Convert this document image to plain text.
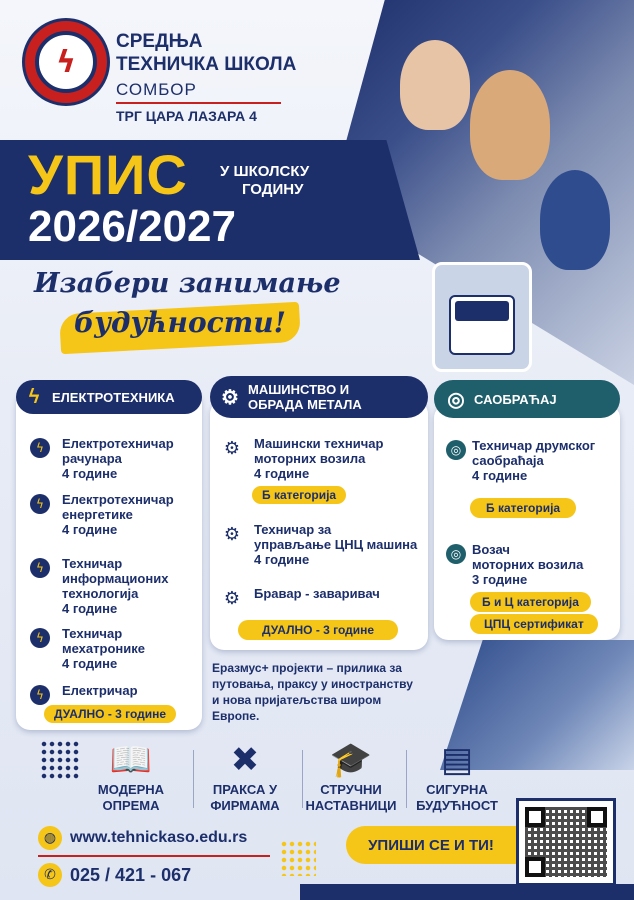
ϟ
СРЕДЊА
ТЕХНИЧКА ШКОЛА
СОМБОР
ТРГ ЦАРА ЛАЗАРА 4
УПИС У ШКОЛСКУ
ГОДИНУ
2026/2027
Изабери занимање
будућности!
ϟ ЕЛЕКТРОТЕХНИКА
ϟ	Електротехничар
рачунара
4 године
ϟ	Електротехничар
енергетике
4 године
ϟ	Техничар
информационих
технологија
4 године
ϟ	Техничар
мехатронике
4 године
ϟ	Електричар
ДУАЛНО - 3 године
⚙ МАШИНСТВО И
ОБРАДА МЕТАЛА
⚙ Машински техничар
моторних возила
4 године
Б категорија
⚙ Техничар за
управљање ЦНЦ машина
4 године
⚙ Бравар - заваривач
ДУАЛНО - 3 године
◎ САОБРАЋАЈ
◎ Техничар друмског
саобраћаја
4 године
Б категорија
◎ Возач
моторних возила
3 године
Б и Ц категорија
ЦПЦ сертификат
Еразмус+ пројекти – прилика за путовања, праксу у иностранству и нова пријатељства широм Европе.
📖
МОДЕРНА
ОПРЕМА
✖
ПРАКСА У
ФИРМАМА
🎓
СТРУЧНИ
НАСТАВНИЦИ
▤
СИГУРНА
БУДУЋНОСТ
◍ www.tehnickaso.edu.rs
✆ 025 / 421 - 067
УПИШИ СЕ И ТИ!
